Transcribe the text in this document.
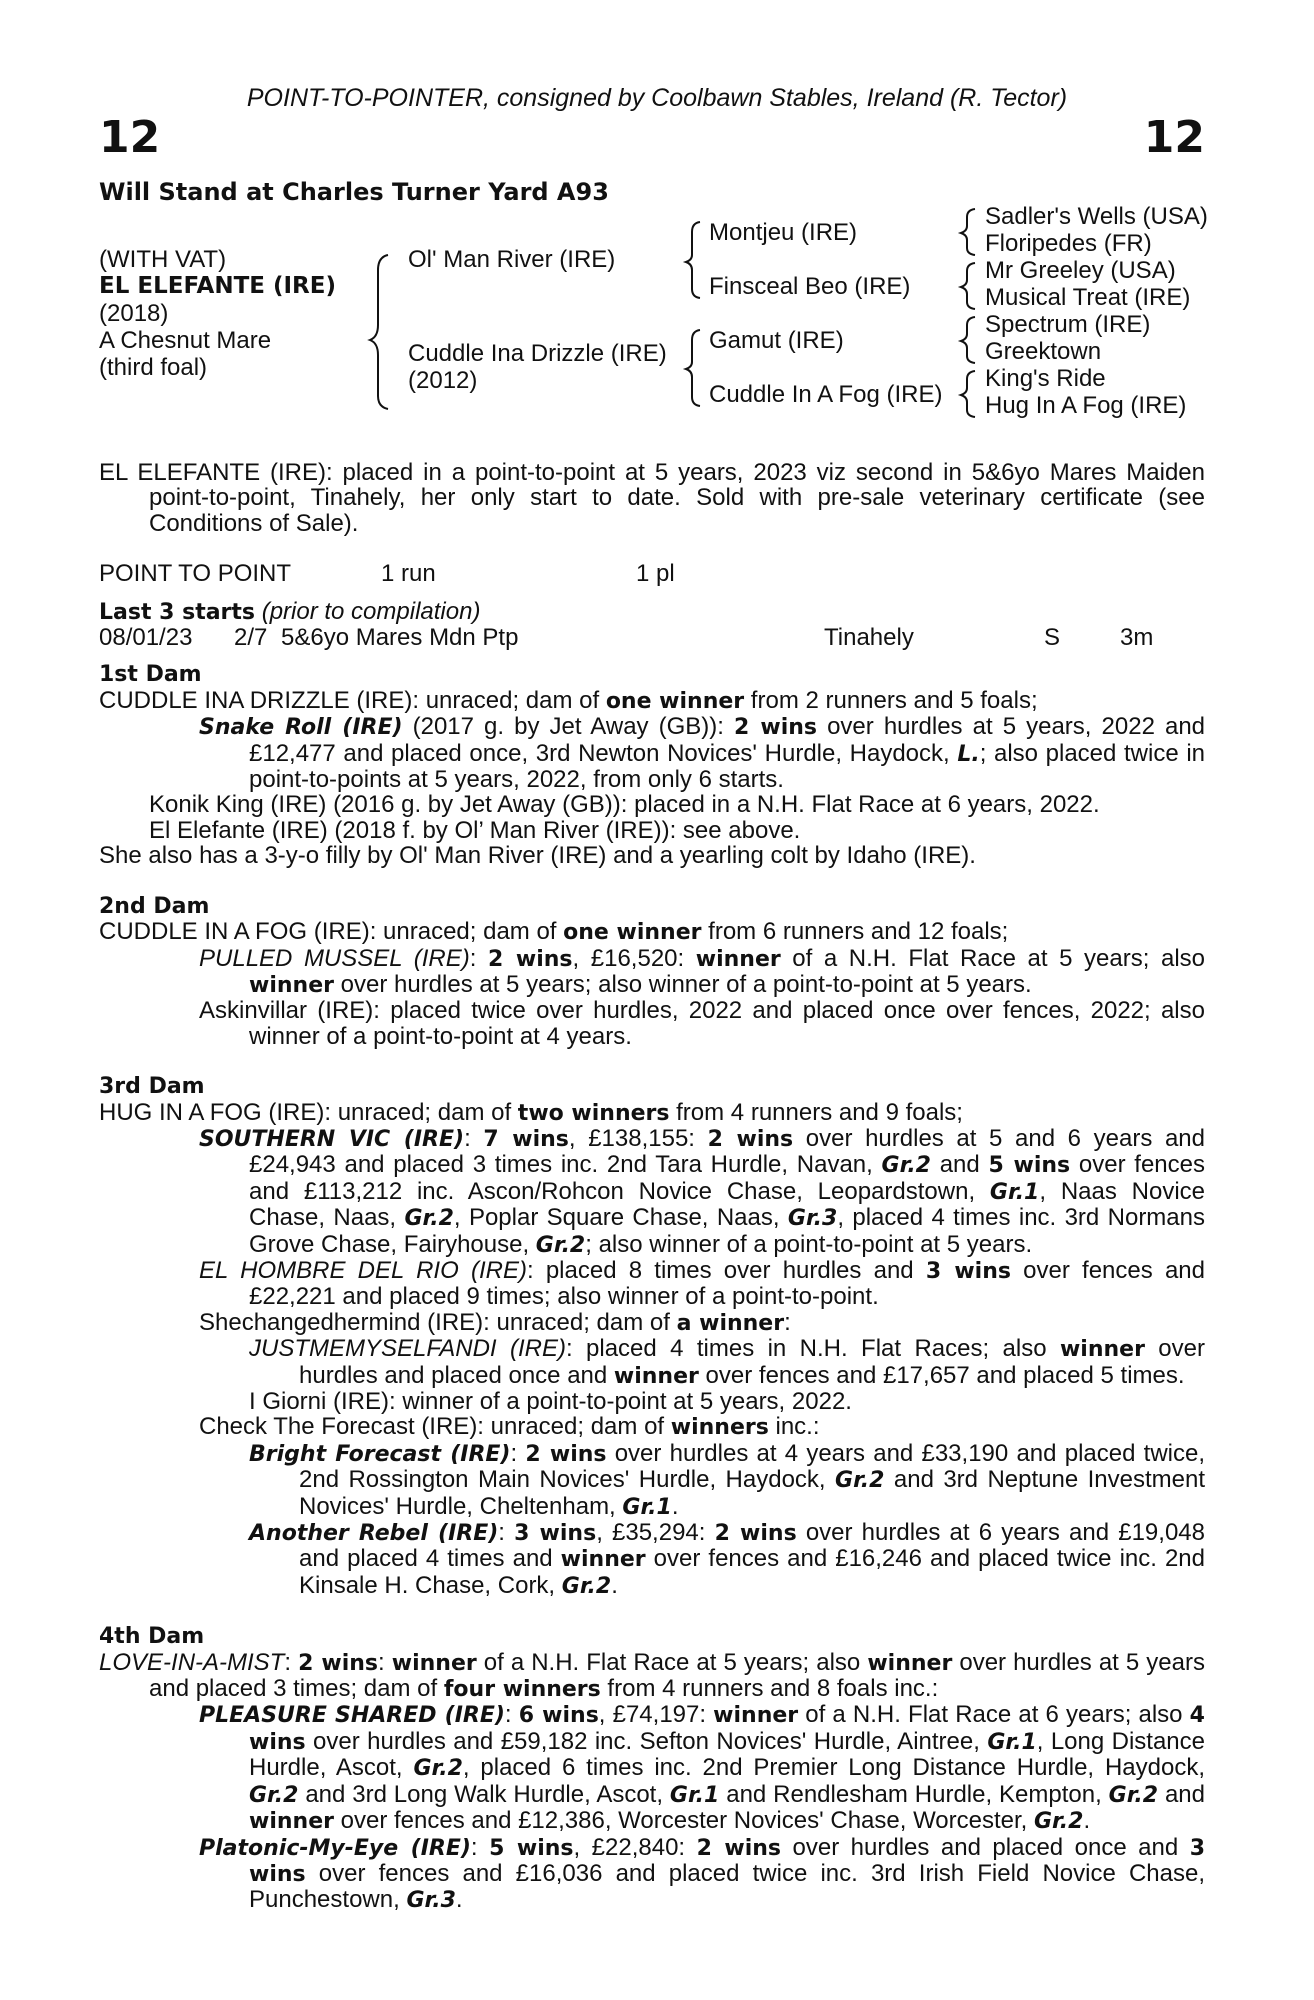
POINT-TO-POINTER, consigned by Coolbawn Stables, Ireland (R. Tector)
12	12
Will Stand at Charles Turner Yard A93
(WITH VAT)
EL ELEFANTE (IRE)
(2018)
A Chesnut Mare
(third foal)
Ol' Man River (IRE)
Cuddle Ina Drizzle (IRE)
(2012)
Montjeu (IRE)
Finsceal Beo (IRE)
Gamut (IRE)
Cuddle In A Fog (IRE)
Sadler's Wells (USA)
Floripedes (FR)
Mr Greeley (USA)
Musical Treat (IRE)
Spectrum (IRE)
Greektown
King's Ride
Hug In A Fog (IRE)

EL ELEFANTE (IRE): placed in a point-to-point at 5 years, 2023 viz second in 5&6yo Mares Maiden point-to-point, Tinahely, her only start to date. Sold with pre-sale veterinary certificate (see Conditions of Sale).

POINT TO POINT	1 run	1 pl

Last 3 starts (prior to compilation)

08/01/23	2/7 5&6yo Mares Mdn Ptp	Tinahely	S	3m

1st Dam

CUDDLE INA DRIZZLE (IRE): unraced; dam of one winner from 2 runners and 5 foals;

Snake Roll (IRE) (2017 g. by Jet Away (GB)): 2 wins over hurdles at 5 years, 2022 and £12,477 and placed once, 3rd Newton Novices' Hurdle, Haydock, L.; also placed twice in point-to-points at 5 years, 2022, from only 6 starts.

Konik King (IRE) (2016 g. by Jet Away (GB)): placed in a N.H. Flat Race at 6 years, 2022.

El Elefante (IRE) (2018 f. by Ol’ Man River (IRE)): see above.

She also has a 3-y-o filly by Ol' Man River (IRE) and a yearling colt by Idaho (IRE).

2nd Dam

CUDDLE IN A FOG (IRE): unraced; dam of one winner from 6 runners and 12 foals;

PULLED MUSSEL (IRE): 2 wins, £16,520: winner of a N.H. Flat Race at 5 years; also winner over hurdles at 5 years; also winner of a point-to-point at 5 years.

Askinvillar (IRE): placed twice over hurdles, 2022 and placed once over fences, 2022; also winner of a point-to-point at 4 years.

3rd Dam

HUG IN A FOG (IRE): unraced; dam of two winners from 4 runners and 9 foals;

SOUTHERN VIC (IRE): 7 wins, £138,155: 2 wins over hurdles at 5 and 6 years and £24,943 and placed 3 times inc. 2nd Tara Hurdle, Navan, Gr.2 and 5 wins over fences and £113,212 inc. Ascon/Rohcon Novice Chase, Leopardstown, Gr.1, Naas Novice Chase, Naas, Gr.2, Poplar Square Chase, Naas, Gr.3, placed 4 times inc. 3rd Normans Grove Chase, Fairyhouse, Gr.2; also winner of a point-to-point at 5 years.

EL HOMBRE DEL RIO (IRE): placed 8 times over hurdles and 3 wins over fences and £22,221 and placed 9 times; also winner of a point-to-point.

Shechangedhermind (IRE): unraced; dam of a winner:

JUSTMEMYSELFANDI (IRE): placed 4 times in N.H. Flat Races; also winner over hurdles and placed once and winner over fences and £17,657 and placed 5 times.

I Giorni (IRE): winner of a point-to-point at 5 years, 2022.

Check The Forecast (IRE): unraced; dam of winners inc.:

Bright Forecast (IRE): 2 wins over hurdles at 4 years and £33,190 and placed twice, 2nd Rossington Main Novices' Hurdle, Haydock, Gr.2 and 3rd Neptune Investment Novices' Hurdle, Cheltenham, Gr.1.

Another Rebel (IRE): 3 wins, £35,294: 2 wins over hurdles at 6 years and £19,048 and placed 4 times and winner over fences and £16,246 and placed twice inc. 2nd Kinsale H. Chase, Cork, Gr.2.

4th Dam

LOVE-IN-A-MIST: 2 wins: winner of a N.H. Flat Race at 5 years; also winner over hurdles at 5 years and placed 3 times; dam of four winners from 4 runners and 8 foals inc.:

PLEASURE SHARED (IRE): 6 wins, £74,197: winner of a N.H. Flat Race at 6 years; also 4 wins over hurdles and £59,182 inc. Sefton Novices' Hurdle, Aintree, Gr.1, Long Distance Hurdle, Ascot, Gr.2, placed 6 times inc. 2nd Premier Long Distance Hurdle, Haydock, Gr.2 and 3rd Long Walk Hurdle, Ascot, Gr.1 and Rendlesham Hurdle, Kempton, Gr.2 and winner over fences and £12,386, Worcester Novices' Chase, Worcester, Gr.2.

Platonic-My-Eye (IRE): 5 wins, £22,840: 2 wins over hurdles and placed once and 3 wins over fences and £16,036 and placed twice inc. 3rd Irish Field Novice Chase, Punchestown, Gr.3.
